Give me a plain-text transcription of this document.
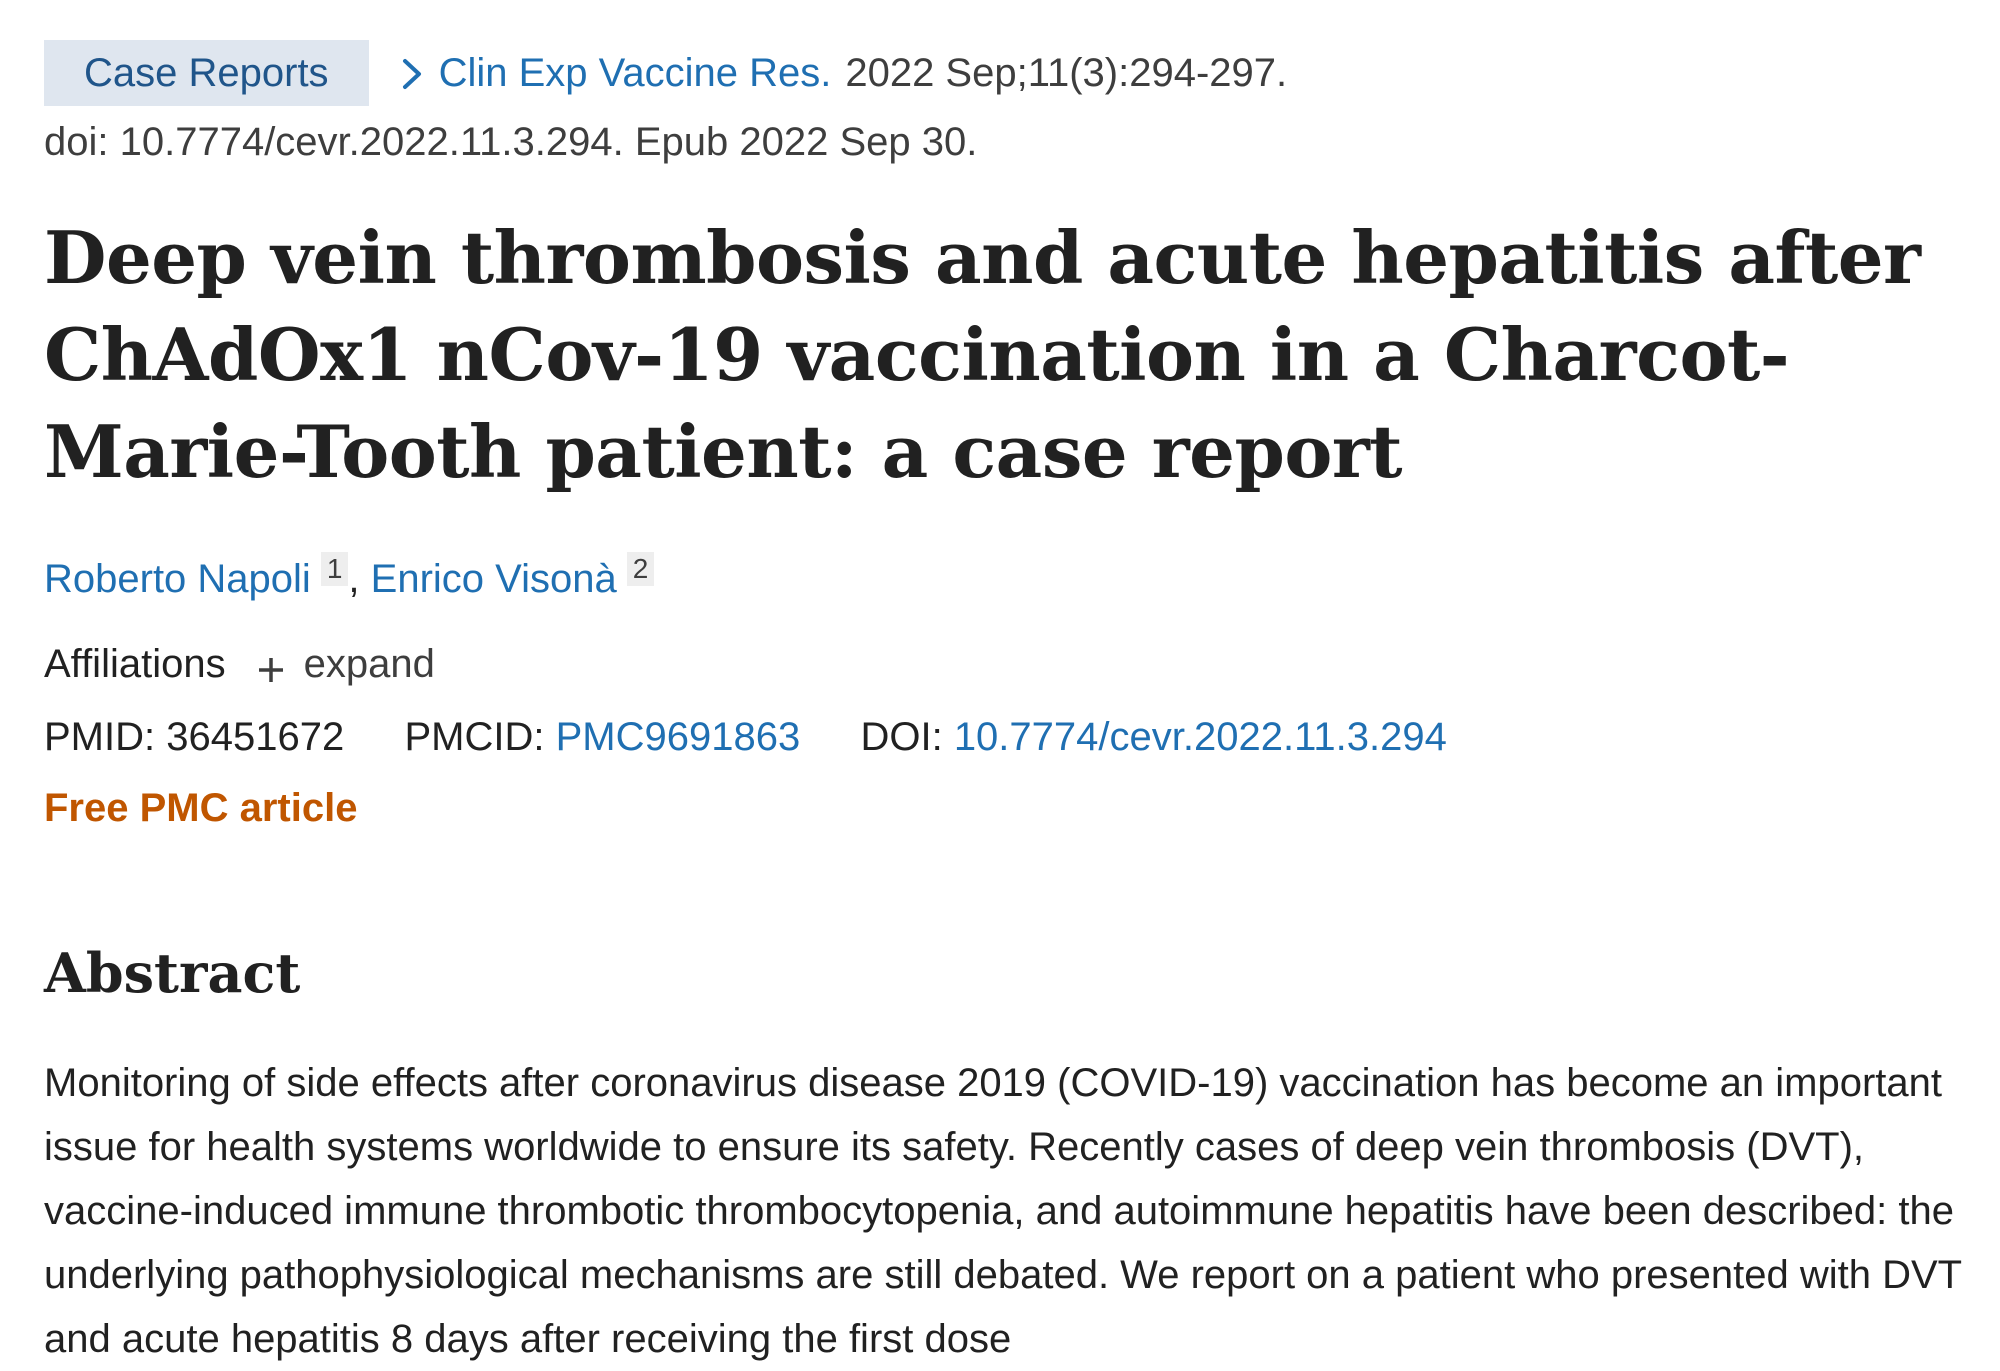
Case Reports	Clin Exp Vaccine Res. 2022 Sep;11(3):294-297.
doi: 10.7774/cevr.2022.11.3.294. Epub 2022 Sep 30.
Deep vein thrombosis and acute hepatitis after ChAdOx1 nCov-19 vaccination in a Charcot-Marie-Tooth patient: a case report
Roberto Napoli 1 , Enrico Visonà 2
Affiliations expand
PMID: 36451672 PMCID: PMC9691863 DOI: 10.7774/cevr.2022.11.3.294
Free PMC article
Abstract
Monitoring of side effects after coronavirus disease 2019 (COVID-19) vaccination has become an important issue for health systems worldwide to ensure its safety. Recently cases of deep vein thrombosis (DVT), vaccine-induced immune thrombotic thrombocytopenia, and autoimmune hepatitis have been described: the underlying pathophysiological mechanisms are still debated. We report on a patient who presented with DVT and acute hepatitis 8 days after receiving the first dose
